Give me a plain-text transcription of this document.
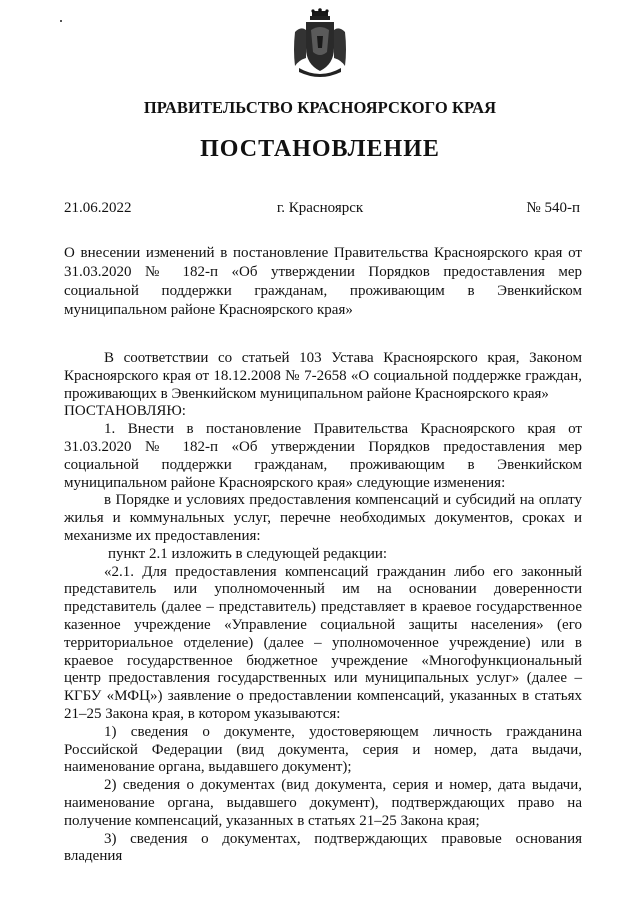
ПРАВИТЕЛЬСТВО КРАСНОЯРСКОГО КРАЯ
ПОСТАНОВЛЕНИЕ
21.06.2022	г. Красноярск	№ 540-п
О внесении изменений в постановление Правительства Красноярского края от 31.03.2020 № 182-п «Об утверждении Порядков предоставления мер социальной поддержки гражданам, проживающим в Эвенкийском муниципальном районе Красноярского края»

В соответствии со статьей 103 Устава Красноярского края, Законом Красноярского края от 18.12.2008 № 7-2658 «О социальной поддержке граждан, проживающих в Эвенкийском муниципальном районе Красноярского края»

ПОСТАНОВЛЯЮ:

1. Внести в постановление Правительства Красноярского края от 31.03.2020 № 182-п «Об утверждении Порядков предоставления мер социальной поддержки гражданам, проживающим в Эвенкийском муниципальном районе Красноярского края» следующие изменения:

в Порядке и условиях предоставления компенсаций и субсидий на оплату жилья и коммунальных услуг, перечне необходимых документов, сроках и механизме их предоставления:

пункт 2.1 изложить в следующей редакции:

«2.1. Для предоставления компенсаций гражданин либо его законный представитель или уполномоченный им на основании доверенности представитель (далее – представитель) представляет в краевое государственное казенное учреждение «Управление социальной защиты населения» (его территориальное отделение) (далее – уполномоченное учреждение) или в краевое государственное бюджетное учреждение «Многофункциональный центр предоставления государственных или муниципальных услуг» (далее – КГБУ «МФЦ») заявление о предоставлении компенсаций, указанных в статьях 21–25 Закона края, в котором указываются:

1) сведения о документе, удостоверяющем личность гражданина Российской Федерации (вид документа, серия и номер, дата выдачи, наименование органа, выдавшего документ);

2) сведения о документах (вид документа, серия и номер, дата выдачи, наименование органа, выдавшего документ), подтверждающих право на получение компенсаций, указанных в статьях 21–25 Закона края;

3) сведения о документах, подтверждающих правовые основания владения
